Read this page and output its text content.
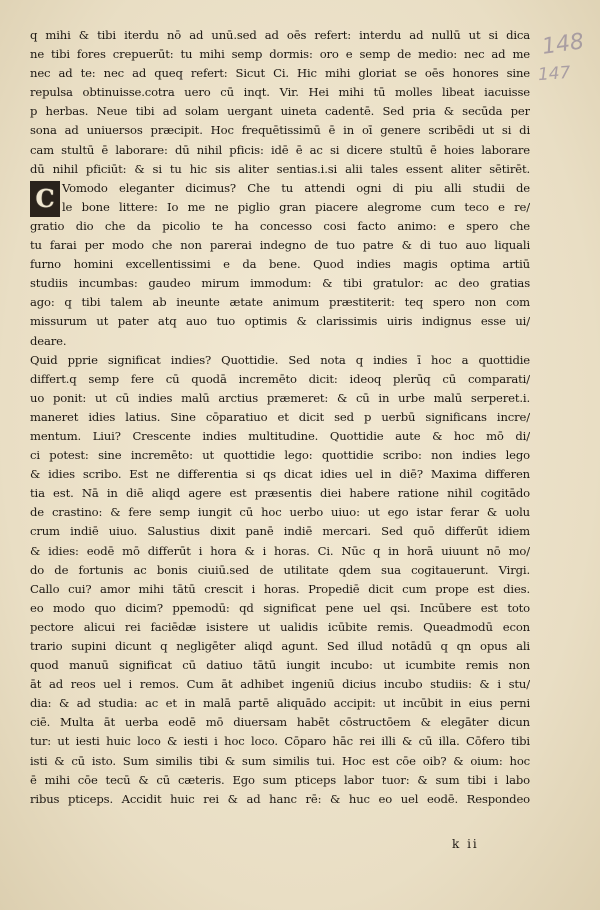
148
147
q mihi & tibi iterdu nō ad unū.sed ad oēs refert: interdu ad nullū ut si dica
ne tibi fores crepuerūt: tu mihi semp dormis: oro e semp de medio: nec ad me
nec ad te: nec ad queq refert: Sicut Ci. Hic mihi gloriat se oēs honores sine
repulsa obtinuisse.cotra uero cū inqt. Vir. Hei mihi tū molles libeat iacuisse
p herbas. Neue tibi ad solam uergant uineta cadentē. Sed pria & secūda per
sona ad uniuersos præcipit. Hoc frequētissimū ē in oī genere scribēdi ut si di
cam stultū ē laborare: dū nihil pficis: idē ē ac si dicere stultū ē hoies laborare
dū nihil pficiūt: & si tu hic sis aliter sentias.i.si alii tales essent aliter sētirēt.
C Vomodo eleganter dicimus? Che tu attendi ogni di piu alli studii de
le bone littere: Io me ne piglio gran piacere alegrome cum teco e re/
gratio dio che da picolio te ha concesso cosi facto animo: e spero che
tu farai per modo che non parerai indegno de tuo patre & di tuo auo liquali
furno homini excellentissimi e da bene. Quod indies magis optima artiū
studiis incumbas: gaudeo mirum immodum: & tibi gratulor: ac deo gratias
ago: q tibi talem ab ineunte ætate animum præstiterit: teq spero non com
missurum ut pater atq auo tuo optimis & clarissimis uiris indignus esse ui/
deare.
Quid pprie significat indies? Quottidie. Sed nota q indies ī hoc a quottidie
differt.q semp fere cū quodā incremēto dicit: ideoq plerūq cū comparati/
uo ponit: ut cū indies malū arctius præmeret: & cū in urbe malū serperet.i.
maneret idies latius. Sine cōparatiuo et dicit sed p uerbū significans incre/
mentum. Liui? Crescente indies multitudine. Quottidie aute & hoc mō di/
ci potest: sine incremēto: ut quottidie lego: quottidie scribo: non indies lego
& idies scribo. Est ne differentia si qs dicat idies uel in diē? Maxima differen
tia est. Nā in diē aliqd agere est præsentis diei habere ratione nihil cogitādo
de crastino: & fere semp iungit cū hoc uerbo uiuo: ut ego istar ferar & uolu
crum indiē uiuo. Salustius dixit panē indiē mercari. Sed quō differūt idiem
& idies: eodē mō differūt i hora & i horas. Ci. Nūc q in horā uiuunt nō mo/
do de fortunis ac bonis ciuiū.sed de utilitate qdem sua cogitauerunt. Virgi.
Callo cui? amor mihi tātū crescit i horas. Propediē dicit cum prope est dies.
eo modo quo dicim? ppemodū: qd significat pene uel qsi. Incūbere est toto
pectore alicui rei faciēdæ isistere ut ualidis icūbite remis. Queadmodū econ
trario supini dicunt q negligēter aliqd agunt. Sed illud notādū q qn opus ali
quod manuū significat cū datiuo tātū iungit incubo: ut icumbite remis non
āt ad reos uel i remos. Cum āt adhibet ingeniū dicius incubo studiis: & i stu/
dia: & ad studia: ac et in malā partē aliquādo accipit: ut incūbit in eius perni
ciē. Multa āt uerba eodē mō diuersam habēt cōstructōem & elegāter dicun
tur: ut iesti huic loco & iesti i hoc loco. Cōparo hāc rei illi & cū illa. Cōfero tibi
isti & cū isto. Sum similis tibi & sum similis tui. Hoc est cōe oib? & oium: hoc
ē mihi cōe tecū & cū cæteris. Ego sum pticeps labor tuor: & sum tibi i labo
ribus pticeps. Accidit huic rei & ad hanc rē: & huc eo uel eodē. Respondeo
k ii
